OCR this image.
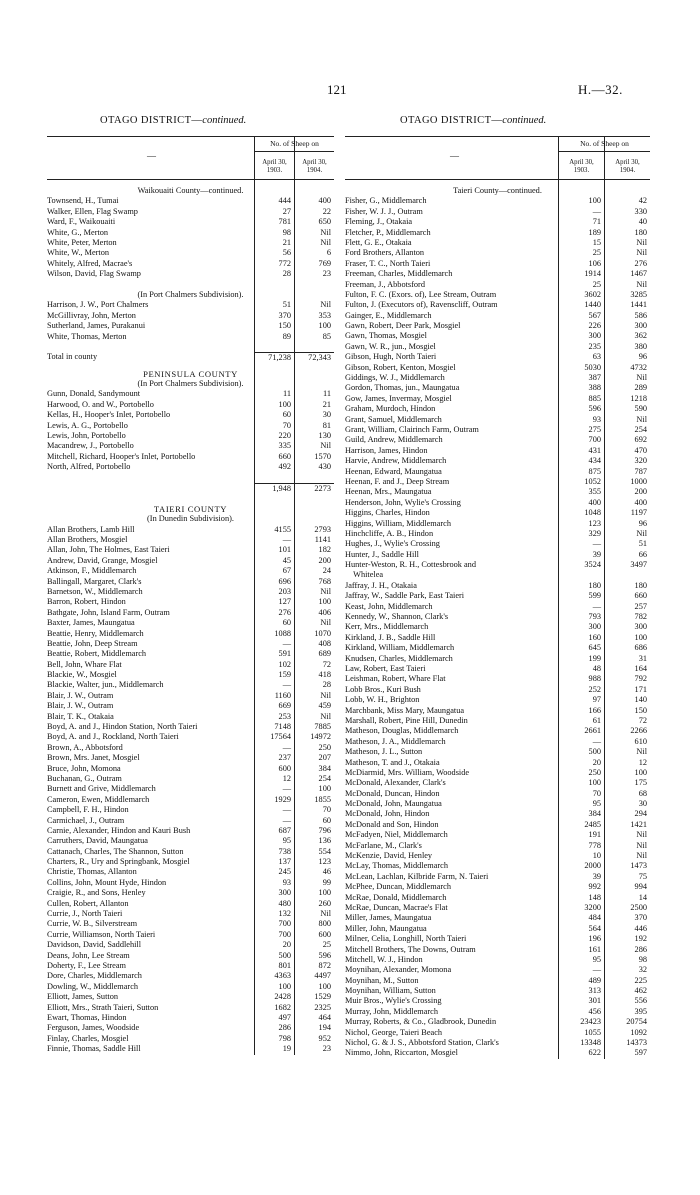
121	H.—32.
OTAGO DISTRICT—continued.	OTAGO DISTRICT—continued.
—
No. of Sheep on
April 30,
1903.
April 30,
1904.
Waikouaiti County—continued.
Townsend, H., Tumai	444	400
Walker, Ellen, Flag Swamp	27	22
Ward, F., Waikouaiti	781	650
White, G., Merton	98	Nil
White, Peter, Merton	21	Nil
White, W., Merton	56	6
Whitely, Alfred, Macrae's	772	769
Wilson, David, Flag Swamp	28	23
(In Port Chalmers Subdivision).
Harrison, J. W., Port Chalmers	51	Nil
McGillivray, John, Merton	370	353
Sutherland, James, Purakanui	150	100
White, Thomas, Merton	89	85
Total in county	71,238	72,343
PENINSULA COUNTY
(In Port Chalmers Subdivision).
Gunn, Donald, Sandymount	11	11
Harwood, O. and W., Portobello	100	21
Kellas, H., Hooper's Inlet, Portobello	60	30
Lewis, A. G., Portobello	70	81
Lewis, John, Portobello	220	130
Macandrew, J., Portobello	335	Nil
Mitchell, Richard, Hooper's Inlet, Portobello	660	1570
North, Alfred, Portobello	492	430
1,948	2273
TAIERI COUNTY
(In Dunedin Subdivision).
Allan Brothers, Lamb Hill	4155	2793
Allan Brothers, Mosgiel	—	1141
Allan, John, The Holmes, East Taieri	101	182
Andrew, David, Grange, Mosgiel	45	200
Atkinson, F., Middlemarch	67	24
Ballingall, Margaret, Clark's	696	768
Barnetson, W., Middlemarch	203	Nil
Barron, Robert, Hindon	127	100
Bathgate, John, Island Farm, Outram	276	406
Baxter, James, Maungatua	60	Nil
Beattie, Henry, Middlemarch	1088	1070
Beattie, John, Deep Stream	—	408
Beattie, Robert, Middlemarch	591	689
Bell, John, Whare Flat	102	72
Blackie, W., Mosgiel	159	418
Blackie, Walter, jun., Middlemarch	—	28
Blair, J. W., Outram	1160	Nil
Blair, J. W., Outram	669	459
Blair, T. K., Otakaia	253	Nil
Boyd, A. and J., Hindon Station, North Taieri	7148	7885
Boyd, A. and J., Rockland, North Taieri	17564	14972
Brown, A., Abbotsford	—	250
Brown, Mrs. Janet, Mosgiel	237	207
Bruce, John, Momona	600	384
Buchanan, G., Outram	12	254
Burnett and Grive, Middlemarch	—	100
Cameron, Ewen, Middlemarch	1929	1855
Campbell, F. H., Hindon	—	70
Carmichael, J., Outram	—	60
Carnie, Alexander, Hindon and Kauri Bush	687	796
Carruthers, David, Maungatua	95	136
Cattanach, Charles, The Shannon, Sutton	738	554
Charters, R., Ury and Springbank, Mosgiel	137	123
Christie, Thomas, Allanton	245	46
Collins, John, Mount Hyde, Hindon	93	99
Craigie, R., and Sons, Henley	300	100
Cullen, Robert, Allanton	480	260
Currie, J., North Taieri	132	Nil
Currie, W. B., Silverstream	700	800
Currie, Williamson, North Taieri	700	600
Davidson, David, Saddlehill	20	25
Deans, John, Lee Stream	500	596
Doherty, F., Lee Stream	801	872
Dore, Charles, Middlemarch	4363	4497
Dowling, W., Middlemarch	100	100
Elliott, James, Sutton	2428	1529
Elliott, Mrs., Strath Taieri, Sutton	1682	2325
Ewart, Thomas, Hindon	497	464
Ferguson, James, Woodside	286	194
Finlay, Charles, Mosgiel	798	952
Finnie, Thomas, Saddle Hill	19	23
—
No. of Sheep on
April 30,
1903.
April 30,
1904.
Taieri County—continued.
Fisher, G., Middlemarch	100	42
Fisher, W. J. J., Outram	—	330
Fleming, J., Otakaia	71	40
Fletcher, P., Middlemarch	189	180
Flett, G. E., Otakaia	15	Nil
Ford Brothers, Allanton	25	Nil
Fraser, T. C., North Taieri	106	276
Freeman, Charles, Middlemarch	1914	1467
Freeman, J., Abbotsford	25	Nil
Fulton, F. C. (Exors. of), Lee Stream, Outram	3602	3285
Fulton, J. (Executors of), Ravenscliff, Outram	1440	1441
Gainger, E., Middlemarch	567	586
Gawn, Robert, Deer Park, Mosgiel	226	300
Gawn, Thomas, Mosgiel	300	362
Gawn, W. R., jun., Mosgiel	235	380
Gibson, Hugh, North Taieri	63	96
Gibson, Robert, Kenton, Mosgiel	5030	4732
Giddings, W. J., Middlemarch	387	Nil
Gordon, Thomas, jun., Maungatua	388	289
Gow, James, Invermay, Mosgiel	885	1218
Graham, Murdoch, Hindon	596	590
Grant, Samuel, Middlemarch	93	Nil
Grant, William, Clairinch Farm, Outram	275	254
Guild, Andrew, Middlemarch	700	692
Harrison, James, Hindon	431	470
Harvie, Andrew, Middlemarch	434	320
Heenan, Edward, Maungatua	875	787
Heenan, F. and J., Deep Stream	1052	1000
Heenan, Mrs., Maungatua	355	200
Henderson, John, Wylie's Crossing	400	400
Higgins, Charles, Hindon	1048	1197
Higgins, William, Middlemarch	123	96
Hinchcliffe, A. B., Hindon	329	Nil
Hughes, J., Wylie's Crossing	—	51
Hunter, J., Saddle Hill	39	66
Hunter-Weston, R. H., Cottesbrook and	3524	3497
Whitelea
Jaffray, J. H., Otakaia	180	180
Jaffray, W., Saddle Park, East Taieri	599	660
Keast, John, Middlemarch	—	257
Kennedy, W., Shannon, Clark's	793	782
Kerr, Mrs., Middlemarch	300	300
Kirkland, J. B., Saddle Hill	160	100
Kirkland, William, Middlemarch	645	686
Knudsen, Charles, Middlemarch	199	31
Law, Robert, East Taieri	48	164
Leishman, Robert, Whare Flat	988	792
Lobb Bros., Kuri Bush	252	171
Lobb, W. H., Brighton	97	140
Marchbank, Miss Mary, Maungatua	166	150
Marshall, Robert, Pine Hill, Dunedin	61	72
Matheson, Douglas, Middlemarch	2661	2266
Matheson, J. A., Middlemarch	—	610
Matheson, J. L., Sutton	500	Nil
Matheson, T. and J., Otakaia	20	12
McDiarmid, Mrs. William, Woodside	250	100
McDonald, Alexander, Clark's	100	175
McDonald, Duncan, Hindon	70	68
McDonald, John, Maungatua	95	30
McDonald, John, Hindon	384	294
McDonald and Son, Hindon	2485	1421
McFadyen, Niel, Middlemarch	191	Nil
McFarlane, M., Clark's	778	Nil
McKenzie, David, Henley	10	Nil
McLay, Thomas, Middlemarch	2000	1473
McLean, Lachlan, Kilbride Farm, N. Taieri	39	75
McPhee, Duncan, Middlemarch	992	994
McRae, Donald, Middlemarch	148	14
McRae, Duncan, Macrae's Flat	3200	2500
Miller, James, Maungatua	484	370
Miller, John, Maungatua	564	446
Milner, Celia, Longhill, North Taieri	196	192
Mitchell Brothers, The Downs, Outram	161	286
Mitchell, W. J., Hindon	95	98
Moynihan, Alexander, Momona	—	32
Moynihan, M., Sutton	489	225
Moynihan, William, Sutton	313	462
Muir Bros., Wylie's Crossing	301	556
Murray, John, Middlemarch	456	395
Murray, Roberts, & Co., Gladbrook, Dunedin	23423	20754
Nichol, George, Taieri Beach	1055	1092
Nichol, G. & J. S., Abbotsford Station, Clark's	13348	14373
Nimmo, John, Riccarton, Mosgiel	622	597
